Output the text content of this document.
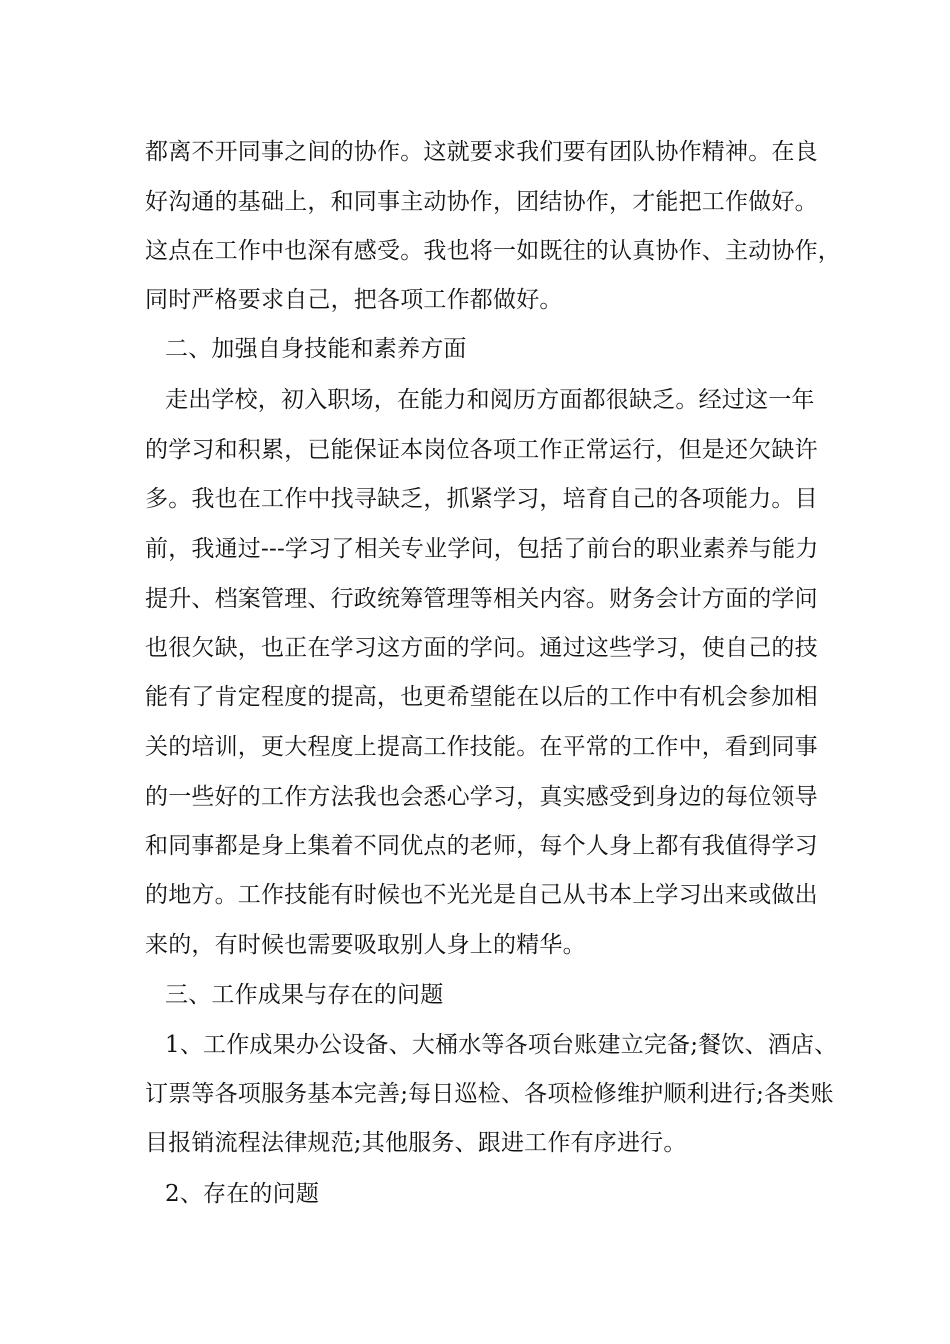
都离不开同事之间的协作。这就要求我们要有团队协作精神。在良
好沟通的基础上，和同事主动协作，团结协作，才能把工作做好。
这点在工作中也深有感受。我也将一如既往的认真协作、主动协作，
同时严格要求自己，把各项工作都做好。
二、加强自身技能和素养方面
走出学校，初入职场，在能力和阅历方面都很缺乏。经过这一年
的学习和积累，已能保证本岗位各项工作正常运行，但是还欠缺许
多。我也在工作中找寻缺乏，抓紧学习，培育自己的各项能力。目
前，我通过---学习了相关专业学问，包括了前台的职业素养与能力
提升、档案管理、行政统筹管理等相关内容。财务会计方面的学问
也很欠缺，也正在学习这方面的学问。通过这些学习，使自己的技
能有了肯定程度的提高，也更希望能在以后的工作中有机会参加相
关的培训，更大程度上提高工作技能。在平常的工作中，看到同事
的一些好的工作方法我也会悉心学习，真实感受到身边的每位领导
和同事都是身上集着不同优点的老师，每个人身上都有我值得学习
的地方。工作技能有时候也不光光是自己从书本上学习出来或做出
来的，有时候也需要吸取别人身上的精华。
三、工作成果与存在的问题
1、工作成果办公设备、大桶水等各项台账建立完备;餐饮、酒店、
订票等各项服务基本完善;每日巡检、各项检修维护顺利进行;各类账
目报销流程法律规范;其他服务、跟进工作有序进行。
2、存在的问题
